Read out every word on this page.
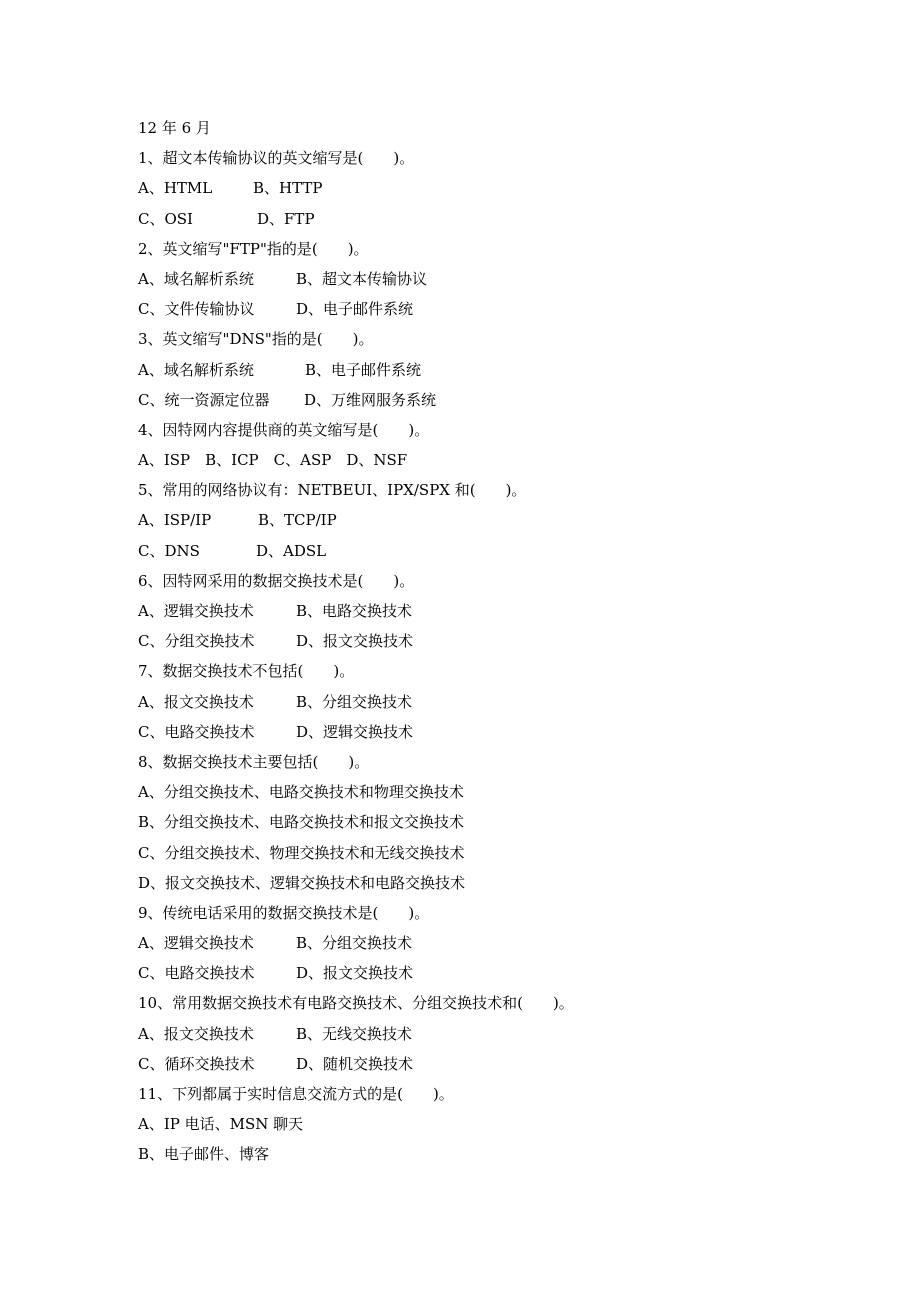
12 年 6 月
1、超文本传输协议的英文缩写是(　　)。
A、HTML	B、HTTP
C、OSI	D、FTP
2、英文缩写"FTP"指的是(　　)。
A、域名解析系统	B、超文本传输协议
C、文件传输协议	D、电子邮件系统
3、英文缩写"DNS"指的是(　　)。
A、域名解析系统	B、电子邮件系统
C、统一资源定位器	D、万维网服务系统
4、因特网内容提供商的英文缩写是(　　)。
A、ISP　B、ICP　C、ASP　D、NSF
5、常用的网络协议有：NETBEUI、IPX/SPX 和(　　)。
A、ISP/IP	B、TCP/IP
C、DNS	D、ADSL
6、因特网采用的数据交换技术是(　　)。
A、逻辑交换技术	B、电路交换技术
C、分组交换技术	D、报文交换技术
7、数据交换技术不包括(　　)。
A、报文交换技术	B、分组交换技术
C、电路交换技术	D、逻辑交换技术
8、数据交换技术主要包括(　　)。
A、分组交换技术、电路交换技术和物理交换技术
B、分组交换技术、电路交换技术和报文交换技术
C、分组交换技术、物理交换技术和无线交换技术
D、报文交换技术、逻辑交换技术和电路交换技术
9、传统电话采用的数据交换技术是(　　)。
A、逻辑交换技术	B、分组交换技术
C、电路交换技术	D、报文交换技术
10、常用数据交换技术有电路交换技术、分组交换技术和(　　)。
A、报文交换技术	B、无线交换技术
C、循环交换技术	D、随机交换技术
11、下列都属于实时信息交流方式的是(　　)。
A、IP 电话、MSN 聊天
B、电子邮件、博客
